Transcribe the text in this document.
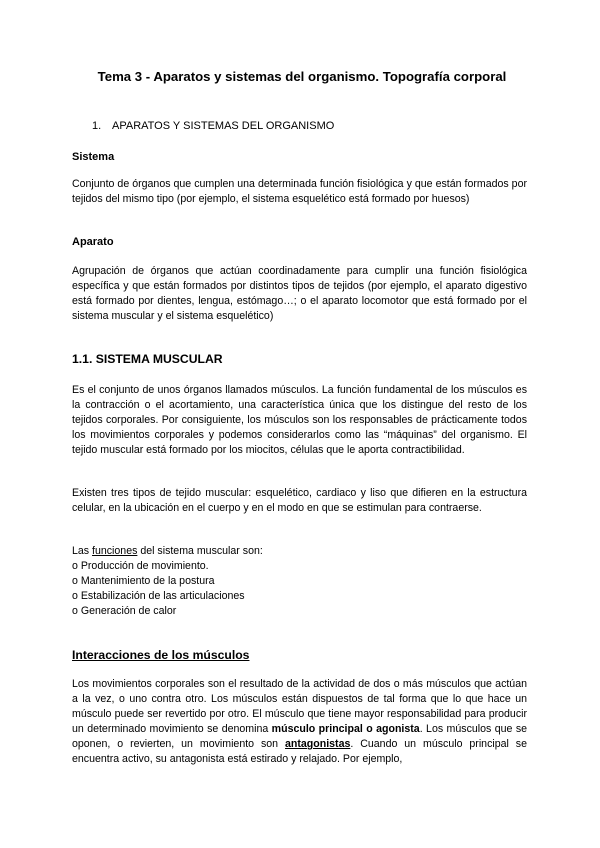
Tema 3 - Aparatos y sistemas del organismo. Topografía corporal
1. APARATOS Y SISTEMAS DEL ORGANISMO
Sistema
Conjunto de órganos que cumplen una determinada función fisiológica y que están formados por tejidos del mismo tipo (por ejemplo, el sistema esquelético está formado por huesos)
Aparato
Agrupación de órganos que actúan coordinadamente para cumplir una función fisiológica específica y que están formados por distintos tipos de tejidos (por ejemplo, el aparato digestivo está formado por dientes, lengua, estómago…; o el aparato locomotor que está formado por el sistema muscular y el sistema esquelético)
1.1. SISTEMA MUSCULAR
Es el conjunto de unos órganos llamados músculos. La función fundamental de los músculos es la contracción o el acortamiento, una característica única que los distingue del resto de los tejidos corporales. Por consiguiente, los músculos son los responsables de prácticamente todos los movimientos corporales y podemos considerarlos como las “máquinas” del organismo. El tejido muscular está formado por los miocitos, células que le aporta contractibilidad.
Existen tres tipos de tejido muscular: esquelético, cardiaco y liso que difieren en la estructura celular, en la ubicación en el cuerpo y en el modo en que se estimulan para contraerse.
Las funciones del sistema muscular son:
o Producción de movimiento.
o Mantenimiento de la postura
o Estabilización de las articulaciones
o Generación de calor
Interacciones de los músculos
Los movimientos corporales son el resultado de la actividad de dos o más músculos que actúan a la vez, o uno contra otro. Los músculos están dispuestos de tal forma que lo que hace un músculo puede ser revertido por otro. El músculo que tiene mayor responsabilidad para producir un determinado movimiento se denomina músculo principal o agonista. Los músculos que se oponen, o revierten, un movimiento son antagonistas. Cuando un músculo principal se encuentra activo, su antagonista está estirado y relajado. Por ejemplo,
